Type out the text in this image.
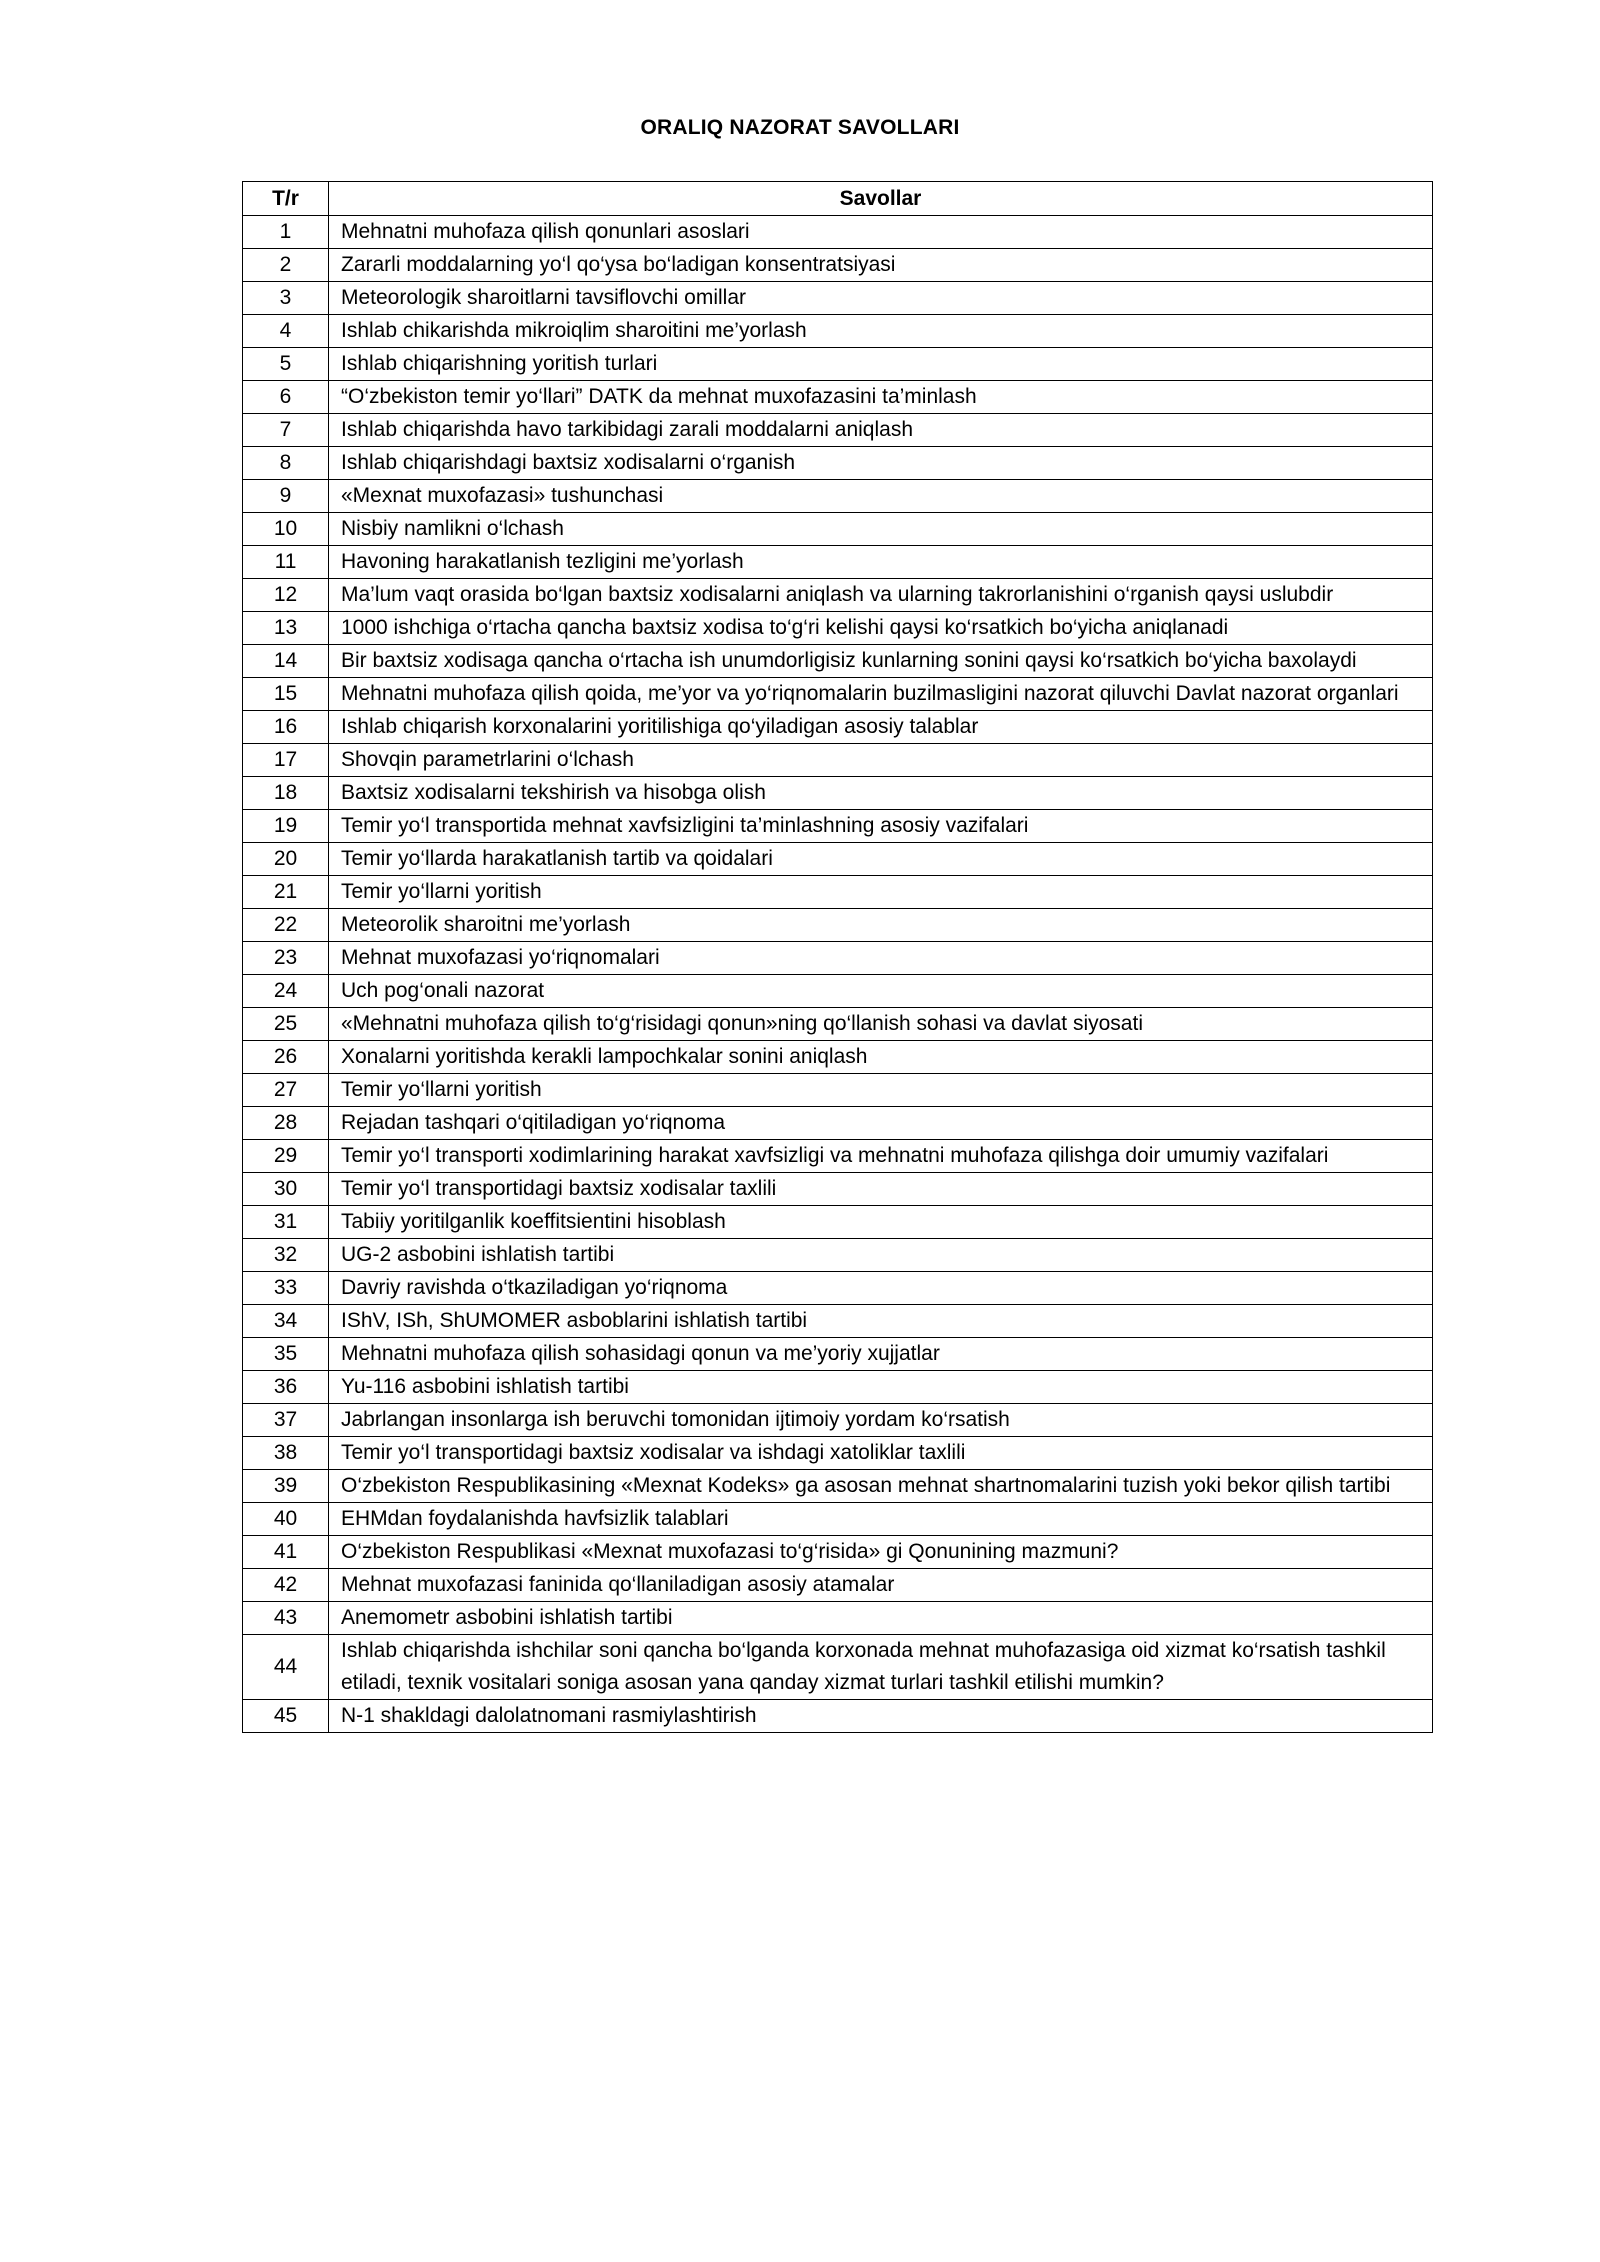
ORALIQ NAZORAT SAVOLLARI
T/r	Savollar
1	Mehnatni muhofaza qilish qonunlari asoslari
2	Zararli moddalarning yo‘l qo‘ysa bo‘ladigan konsentratsiyasi
3	Meteorologik sharoitlarni tavsiflovchi omillar
4	Ishlab chikarishda mikroiqlim sharoitini me’yorlash
5	Ishlab chiqarishning yoritish turlari
6	“O‘zbekiston temir yo‘llari” DATK da mehnat muxofazasini ta’minlash
7	Ishlab chiqarishda havo tarkibidagi zarali moddalarni aniqlash
8	Ishlab chiqarishdagi baxtsiz xodisalarni o‘rganish
9	«Mexnat muxofazasi» tushunchasi
10	Nisbiy namlikni o‘lchash
11	Havoning harakatlanish tezligini me’yorlash
12	Ma’lum vaqt orasida bo‘lgan baxtsiz xodisalarni aniqlash va ularning takrorlanishini o‘rganish qaysi uslubdir
13	1000 ishchiga o‘rtacha qancha baxtsiz xodisa to‘g‘ri kelishi qaysi ko‘rsatkich bo‘yicha aniqlanadi
14	Bir baxtsiz xodisaga qancha o‘rtacha ish unumdorligisiz kunlarning sonini qaysi ko‘rsatkich bo‘yicha baxolaydi
15	Mehnatni muhofaza qilish qoida, me’yor va yo‘riqnomalarin buzilmasligini nazorat qiluvchi Davlat nazorat organlari
16	Ishlab chiqarish korxonalarini yoritilishiga qo‘yiladigan asosiy talablar
17	Shovqin parametrlarini o‘lchash
18	Baxtsiz xodisalarni tekshirish va hisobga olish
19	Temir yo‘l transportida mehnat xavfsizligini ta’minlashning asosiy vazifalari
20	Temir yo‘llarda harakatlanish tartib va qoidalari
21	Temir yo‘llarni yoritish
22	Meteorolik sharoitni me’yorlash
23	Mehnat muxofazasi yo‘riqnomalari
24	Uch pog‘onali nazorat
25	«Mehnatni muhofaza qilish to‘g‘risidagi qonun»ning qo‘llanish sohasi va davlat siyosati
26	Xonalarni yoritishda kerakli lampochkalar sonini aniqlash
27	Temir yo‘llarni yoritish
28	Rejadan tashqari o‘qitiladigan yo‘riqnoma
29	Temir yo‘l transporti xodimlarining harakat xavfsizligi va mehnatni muhofaza qilishga doir umumiy vazifalari
30	Temir yo‘l transportidagi baxtsiz xodisalar taxlili
31	Tabiiy yoritilganlik koeffitsientini hisoblash
32	UG-2 asbobini ishlatish tartibi
33	Davriy ravishda o‘tkaziladigan yo‘riqnoma
34	IShV, ISh, ShUMOMER asboblarini ishlatish tartibi
35	Mehnatni muhofaza qilish sohasidagi qonun va me’yoriy xujjatlar
36	Yu-116 asbobini ishlatish tartibi
37	Jabrlangan insonlarga ish beruvchi tomonidan ijtimoiy yordam ko‘rsatish
38	Temir yo‘l transportidagi baxtsiz xodisalar va ishdagi xatoliklar taxlili
39	O‘zbekiston Respublikasining «Mexnat Kodeks» ga asosan mehnat shartnomalarini tuzish yoki bekor qilish tartibi
40	EHMdan foydalanishda havfsizlik talablari
41	O‘zbekiston Respublikasi «Mexnat muxofazasi to‘g‘risida» gi Qonunining mazmuni?
42	Mehnat muxofazasi faninida qo‘llaniladigan asosiy atamalar
43	Anemometr asbobini ishlatish tartibi
44	Ishlab chiqarishda ishchilar soni qancha bo‘lganda korxonada mehnat muhofazasiga oid xizmat ko‘rsatish tashkil etiladi, texnik vositalari soniga asosan yana qanday xizmat turlari tashkil etilishi mumkin?
45	N-1 shakldagi dalolatnomani rasmiylashtirish
